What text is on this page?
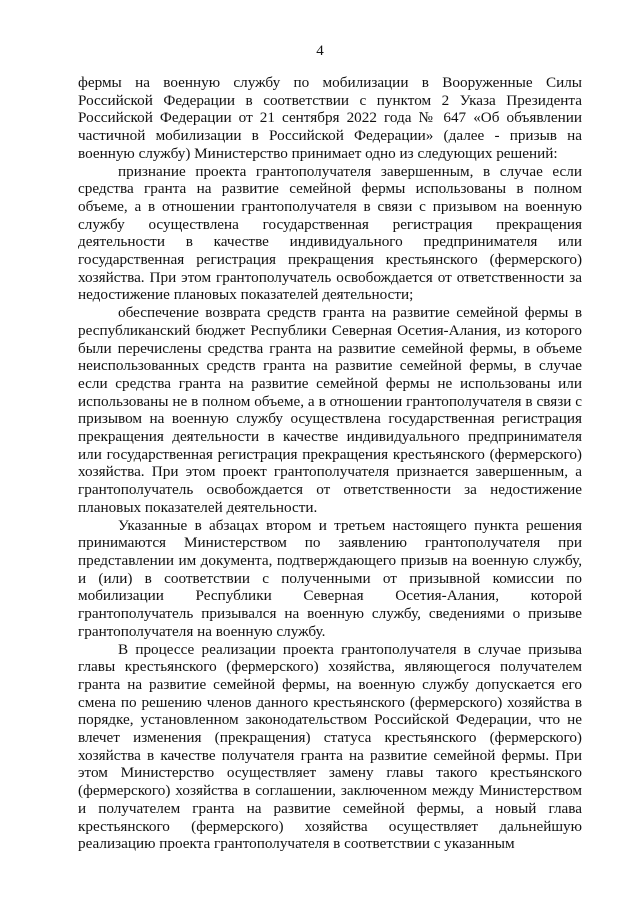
4

фермы на военную службу по мобилизации в Вооруженные Силы Российской Федерации в соответствии с пунктом 2 Указа Президента Российской Федерации от 21 сентября 2022 года № 647 «Об объявлении частичной мобилизации в Российской Федерации» (далее - призыв на военную службу) Министерство принимает одно из следующих решений:

признание проекта грантополучателя завершенным, в случае если средства гранта на развитие семейной фермы использованы в полном объеме, а в отношении грантополучателя в связи с призывом на военную службу осуществлена государственная регистрация прекращения деятельности в качестве индивидуального предпринимателя или государственная регистрация прекращения крестьянского (фермерского) хозяйства. При этом грантополучатель освобождается от ответственности за недостижение плановых показателей деятельности;

обеспечение возврата средств гранта на развитие семейной фермы в республиканский бюджет Республики Северная Осетия-Алания, из которого были перечислены средства гранта на развитие семейной фермы, в объеме неиспользованных средств гранта на развитие семейной фермы, в случае если средства гранта на развитие семейной фермы не использованы или использованы не в полном объеме, а в отношении грантополучателя в связи с призывом на военную службу осуществлена государственная регистрация прекращения деятельности в качестве индивидуального предпринимателя или государственная регистрация прекращения крестьянского (фермерского) хозяйства. При этом проект грантополучателя признается завершенным, а грантополучатель освобождается от ответственности за недостижение плановых показателей деятельности.

Указанные в абзацах втором и третьем настоящего пункта решения принимаются Министерством по заявлению грантополучателя при представлении им документа, подтверждающего призыв на военную службу, и (или) в соответствии с полученными от призывной комиссии по мобилизации Республики Северная Осетия-Алания, которой грантополучатель призывался на военную службу, сведениями о призыве грантополучателя на военную службу.

В процессе реализации проекта грантополучателя в случае призыва главы крестьянского (фермерского) хозяйства, являющегося получателем гранта на развитие семейной фермы, на военную службу допускается его смена по решению членов данного крестьянского (фермерского) хозяйства в порядке, установленном законодательством Российской Федерации, что не влечет изменения (прекращения) статуса крестьянского (фермерского) хозяйства в качестве получателя гранта на развитие семейной фермы. При этом Министерство осуществляет замену главы такого крестьянского (фермерского) хозяйства в соглашении, заключенном между Министерством и получателем гранта на развитие семейной фермы, а новый глава крестьянского (фермерского) хозяйства осуществляет дальнейшую реализацию проекта грантополучателя в соответствии с указанным
